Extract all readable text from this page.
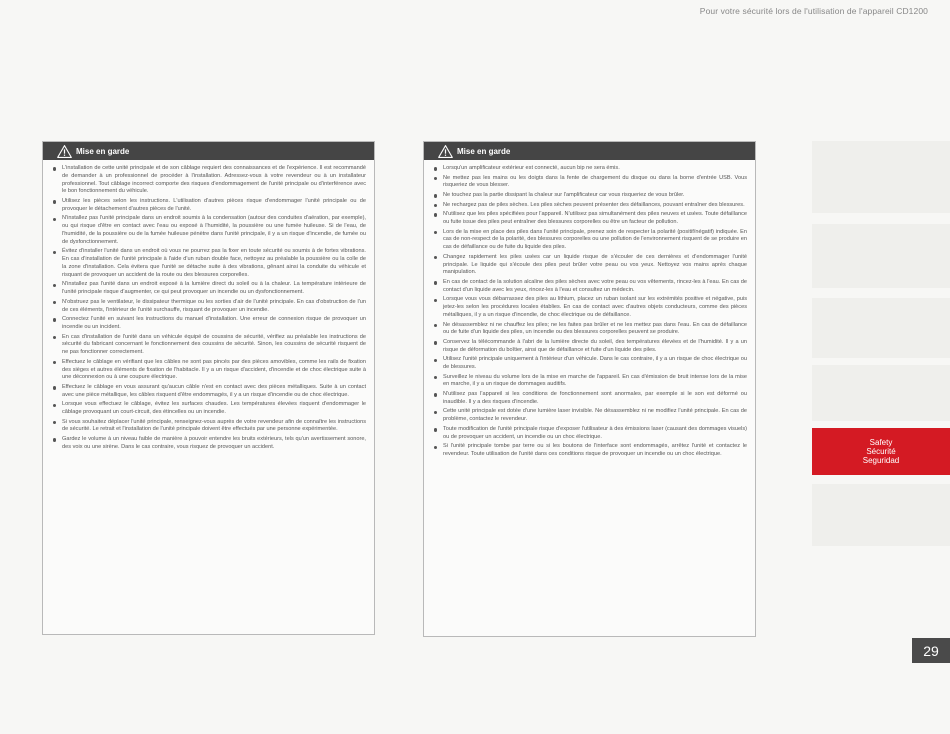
Pour votre sécurité lors de l'utilisation de l'appareil CD1200
Mise en garde
L'installation de cette unité principale et de son câblage requiert des connaissances et de l'expérience. Il est recommandé de demander à un professionnel de procéder à l'installation. Adressez-vous à votre revendeur ou à un installateur professionnel. Tout câblage incorrect comporte des risques d'endommagement de l'unité principale ou d'interférence avec le bon fonctionnement du véhicule.
Utilisez les pièces selon les instructions. L'utilisation d'autres pièces risque d'endommager l'unité principale ou de provoquer le détachement d'autres pièces de l'unité.
N'installez pas l'unité principale dans un endroit soumis à la condensation (autour des conduites d'aération, par exemple), ou qui risque d'être en contact avec l'eau ou exposé à l'humidité, la poussière ou une fumée huileuse. Si de l'eau, de l'humidité, de la poussière ou de la fumée huileuse pénètre dans l'unité principale, il y a un risque d'incendie, de fumée ou de dysfonctionnement.
Évitez d'installer l'unité dans un endroit où vous ne pourrez pas la fixer en toute sécurité ou soumis à de fortes vibrations. En cas d'installation de l'unité principale à l'aide d'un ruban double face, nettoyez au préalable la poussière ou la colle de la zone d'installation. Cela évitera que l'unité se détache suite à des vibrations, gênant ainsi la conduite du véhicule et risquant de provoquer un accident de la route ou des blessures corporelles.
N'installez pas l'unité dans un endroit exposé à la lumière direct du soleil ou à la chaleur. La température intérieure de l'unité principale risque d'augmenter, ce qui peut provoquer un incendie ou un dysfonctionnement.
N'obstruez pas le ventilateur, le dissipateur thermique ou les sorties d'air de l'unité principale. En cas d'obstruction de l'un de ces éléments, l'intérieur de l'unité surchauffe, risquant de provoquer un incendie.
Connectez l'unité en suivant les instructions du manuel d'installation. Une erreur de connexion risque de provoquer un incendie ou un incident.
En cas d'installation de l'unité dans un véhicule équipé de coussins de sécurité, vérifiez au préalable les instructions de sécurité du fabricant concernant le fonctionnement des coussins de sécurité. Sinon, les coussins de sécurité risquent de ne pas fonctionner correctement.
Effectuez le câblage en vérifiant que les câbles ne sont pas pincés par des pièces amovibles, comme les rails de fixation des sièges et autres éléments de fixation de l'habitacle. Il y a un risque d'accident, d'incendie et de choc électrique suite à une déconnexion ou à une coupure électrique.
Effectuez le câblage en vous assurant qu'aucun câble n'est en contact avec des pièces métalliques. Suite à un contact avec une pièce métallique, les câbles risquent d'être endommagés, il y a un risque d'incendie ou de choc électrique.
Lorsque vous effectuez le câblage, évitez les surfaces chaudes. Les températures élevées risquent d'endommager le câblage provoquant un court-circuit, des étincelles ou un incendie.
Si vous souhaitez déplacer l'unité principale, renseignez-vous auprès de votre revendeur afin de connaître les instructions de sécurité. Le retrait et l'installation de l'unité principale doivent être effectués par une personne expérimentée.
Gardez le volume à un niveau faible de manière à pouvoir entendre les bruits extérieurs, tels qu'un avertissement sonore, des voix ou une sirène. Dans le cas contraire, vous risquez de provoquer un accident.
Mise en garde
Lorsqu'un amplificateur extérieur est connecté, aucun bip ne sera émis.
Ne mettez pas les mains ou les doigts dans la fente de chargement du disque ou dans la borne d'entrée USB. Vous risqueriez de vous blesser.
Ne touchez pas la partie dissipant la chaleur sur l'amplificateur car vous risqueriez de vous brûler.
Ne rechargez pas de piles sèches. Les piles sèches peuvent présenter des défaillances, pouvant entraîner des blessures.
N'utilisez que les piles spécifiées pour l'appareil. N'utilisez pas simultanément des piles neuves et usées. Toute défaillance ou fuite issue des piles peut entraîner des blessures corporelles ou être un facteur de pollution.
Lors de la mise en place des piles dans l'unité principale, prenez soin de respecter la polarité (positif/négatif) indiquée. En cas de non-respect de la polarité, des blessures corporelles ou une pollution de l'environnement risquent de se produire en cas de défaillance ou de fuite du liquide des piles.
Changez rapidement les piles usées car un liquide risque de s'écouler de ces dernières et d'endommager l'unité principale. Le liquide qui s'écoule des piles peut brûler votre peau ou vos yeux. Nettoyez vos mains après chaque manipulation.
En cas de contact de la solution alcaline des piles sèches avec votre peau ou vos vêtements, rincez-les à l'eau. En cas de contact d'un liquide avec les yeux, rincez-les à l'eau et consultez un médecin.
Lorsque vous vous débarrassez des piles au lithium, placez un ruban isolant sur les extrémités positive et négative, puis jetez-les selon les procédures locales établies. En cas de contact avec d'autres objets conducteurs, comme des pièces métalliques, il y a un risque d'incendie, de choc électrique ou de défaillance.
Ne désassemblez ni ne chauffez les piles; ne les faites pas brûler et ne les mettez pas dans l'eau. En cas de défaillance ou de fuite d'un liquide des piles, un incendie ou des blessures corporelles peuvent se produire.
Conservez la télécommande à l'abri de la lumière directe du soleil, des températures élevées et de l'humidité. Il y a un risque de déformation du boîtier, ainsi que de défaillance et fuite d'un liquide des piles.
Utilisez l'unité principale uniquement à l'intérieur d'un véhicule. Dans le cas contraire, il y a un risque de choc électrique ou de blessures.
Surveillez le niveau du volume lors de la mise en marche de l'appareil. En cas d'émission de bruit intense lors de la mise en marche, il y a un risque de dommages auditifs.
N'utilisez pas l'appareil si les conditions de fonctionnement sont anormales, par exemple si le son est déformé ou inaudible. Il y a des risques d'incendie.
Cette unité principale est dotée d'une lumière laser invisible. Ne désassemblez ni ne modifiez l'unité principale. En cas de problème, contactez le revendeur.
Toute modification de l'unité principale risque d'exposer l'utilisateur à des émissions laser (causant des dommages visuels) ou de provoquer un accident, un incendie ou un choc électrique.
Si l'unité principale tombe par terre ou si les boutons de l'interface sont endommagés, arrêtez l'unité et contactez le revendeur. Toute utilisation de l'unité dans ces conditions risque de provoquer un incendie ou un choc électrique.
Safety
Sécurité
Seguridad
29
